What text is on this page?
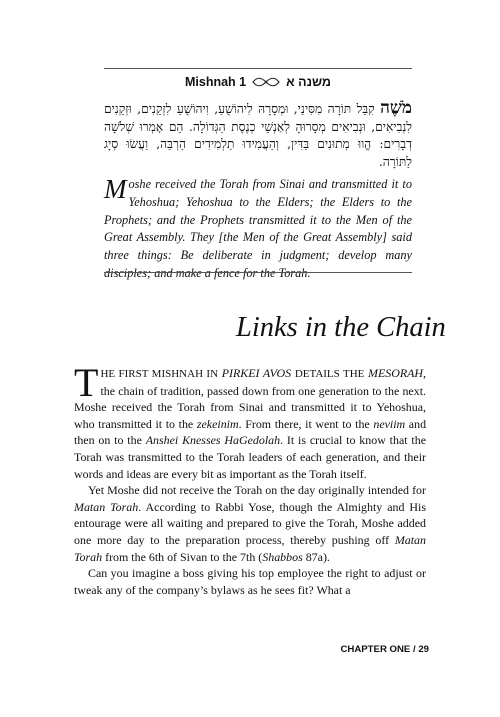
Mishnah 1	משנה א
מֹשֶׁה קִבֵּל תּוֹרָה מִסִּינַי, וּמְסָרָהּ לִיהוֹשֻׁעַ, וִיהוֹשֻׁעַ לִזְקֵנִים, וּזְקֵנִים לִנְבִיאִים, וּנְבִיאִים מְסָרוּהָ לְאַנְשֵׁי כְנֶסֶת הַגְּדוֹלָה. הֵם אָמְרוּ שְׁלֹשָׁה דְבָרִים: הֱווּ מְתוּנִים בַּדִּין, וְהַעֲמִידוּ תַלְמִידִים הַרְבֵּה, וַעֲשׂוּ סְיָג לַתּוֹרָה.
Moshe received the Torah from Sinai and transmitted it to Yehoshua; Yehoshua to the Elders; the Elders to the Prophets; and the Prophets transmitted it to the Men of the Great Assembly. They [the Men of the Great Assembly] said three things: Be deliberate in judgment; develop many
Links in the Chain

THE FIRST MISHNAH IN PIRKEI AVOS DETAILS THE MESORAH, the chain of tradition, passed down from one generation to the next. Moshe received the Torah from Sinai and transmitted it to Yehoshua, who transmitted it to the zekeinim. From there, it went to the neviim and then on to the Anshei Knesses HaGedolah. It is crucial to know that the Torah was transmitted to the Torah leaders of each generation, and their words and ideas are every bit as important as the Torah itself.

Yet Moshe did not receive the Torah on the day originally intended for Matan Torah. According to Rabbi Yose, though the Almighty and His entourage were all waiting and prepared to give the Torah, Moshe added one more day to the preparation process, thereby pushing off Matan Torah from the 6th of Sivan to the 7th (Shabbos 87a).

Can you imagine a boss giving his top employee the right to adjust or tweak any of the company’s bylaws as he sees fit? What a

CHAPTER ONE / 29
